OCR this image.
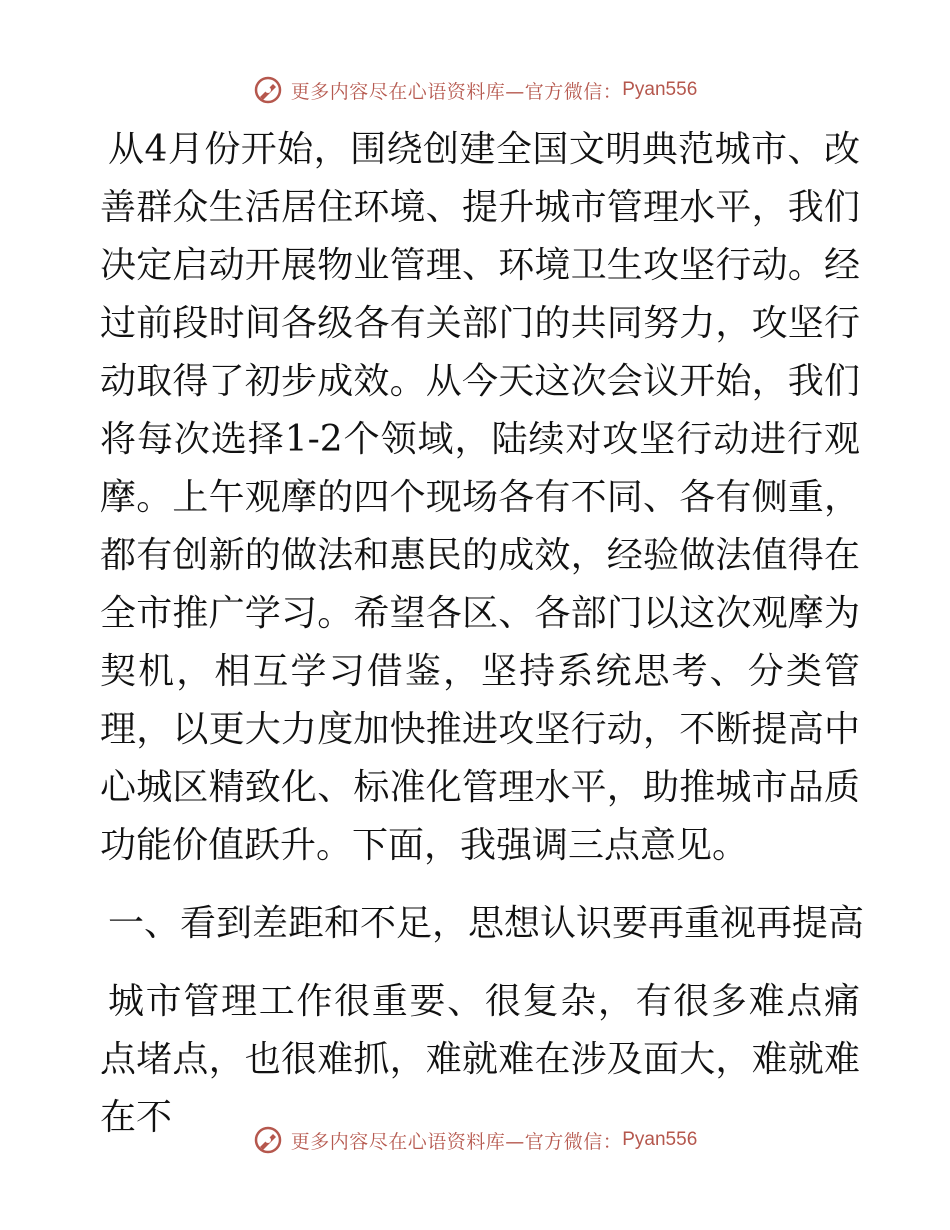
更多内容尽在心语资料库—官方微信： Pyan556

从4月份开始，围绕创建全国文明典范城市、改善群众生活居住环境、提升城市管理水平，我们决定启动开展物业管理、环境卫生攻坚行动。经过前段时间各级各有关部门的共同努力，攻坚行动取得了初步成效。从今天这次会议开始，我们将每次选择1-2个领域，陆续对攻坚行动进行观摩。上午观摩的四个现场各有不同、各有侧重，都有创新的做法和惠民的成效，经验做法值得在全市推广学习。希望各区、各部门以这次观摩为契机，相互学习借鉴，坚持系统思考、分类管理，以更大力度加快推进攻坚行动，不断提高中心城区精致化、标准化管理水平，助推城市品质功能价值跃升。下面，我强调三点意见。

一、看到差距和不足，思想认识要再重视再提高

城市管理工作很重要、很复杂，有很多难点痛点堵点，也很难抓，难就难在涉及面大，难就难在不

更多内容尽在心语资料库—官方微信： Pyan556
